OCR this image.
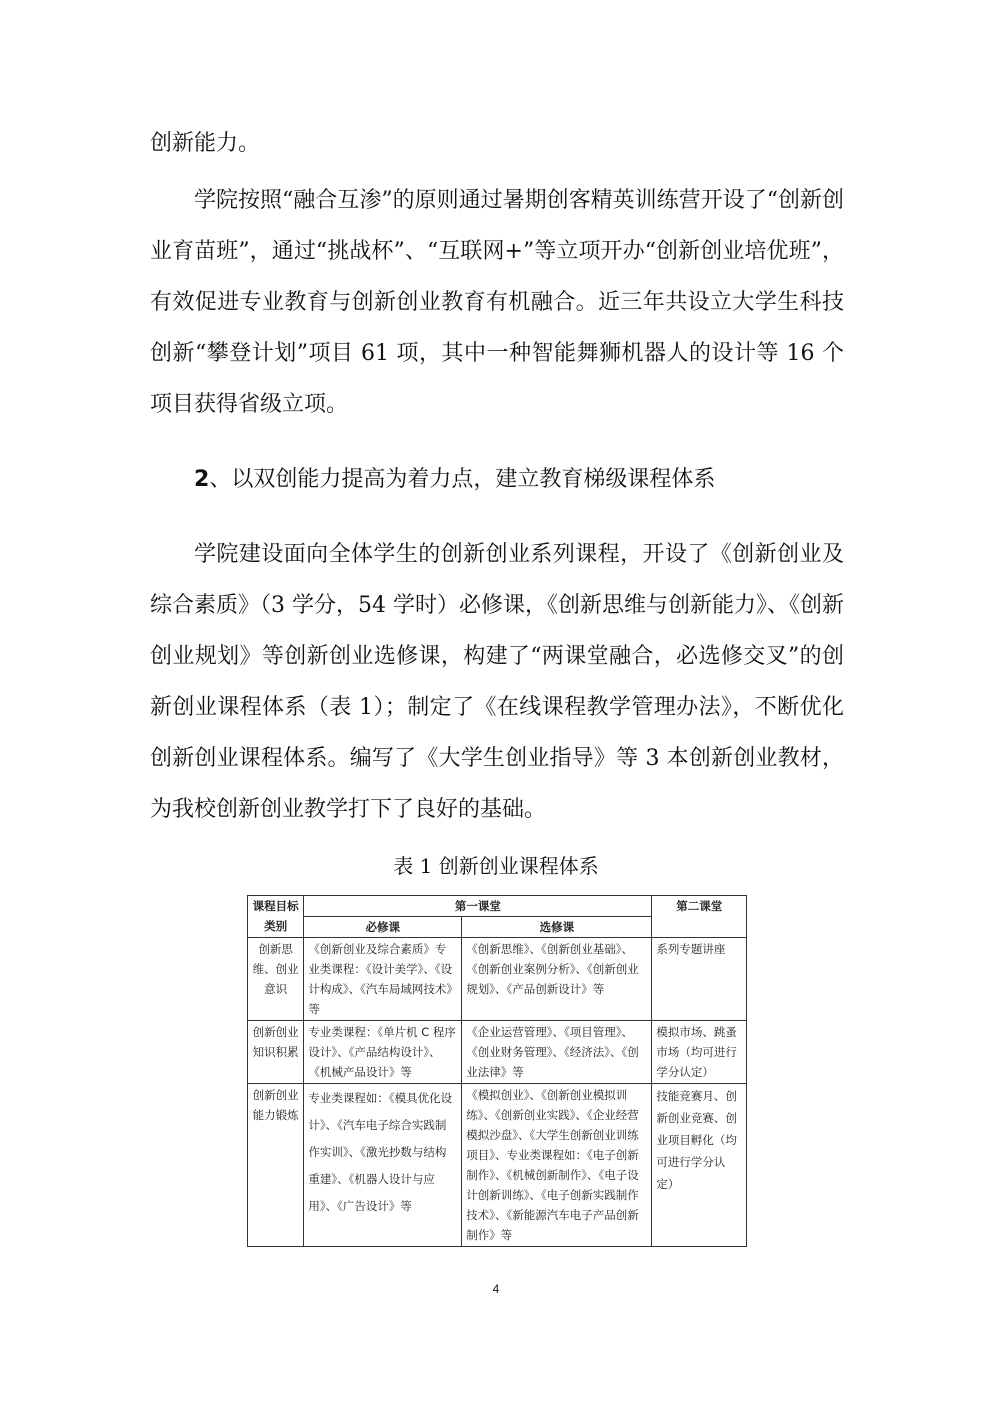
创新能力。

学院按照“融合互渗”的原则通过暑期创客精英训练营开设了“创新创业育苗班”，通过“挑战杯”、“互联网+”等立项开办“创新创业培优班”，有效促进专业教育与创新创业教育有机融合。近三年共设立大学生科技创新“攀登计划”项目 61 项，其中一种智能舞狮机器人的设计等 16 个项目获得省级立项。

2、以双创能力提高为着力点，建立教育梯级课程体系

学院建设面向全体学生的创新创业系列课程，开设了《创新创业及综合素质》（3 学分，54 学时）必修课，《创新思维与创新能力》、《创新创业规划》等创新创业选修课，构建了“两课堂融合，必选修交叉”的创新创业课程体系（表 1）；制定了《在线课程教学管理办法》，不断优化创新创业课程体系。编写了《大学生创业指导》等 3 本创新创业教材，为我校创新创业教学打下了良好的基础。

表 1 创新创业课程体系

课程目标类别	第一课堂		第二课堂
	必修课	选修课	
创新思维、创业意识	《创新创业及综合素质》专业类课程：《设计美学》、《设计构成》、《汽车局域网技术》等	《创新思维》、《创新创业基础》、《创新创业案例分析》、《创新创业规划》、《产品创新设计》等	系列专题讲座
创新创业知识积累	专业类课程：《单片机 C 程序设计》、《产品结构设计》、《机械产品设计》等	《企业运营管理》、《项目管理》、《创业财务管理》、《经济法》、《创业法律》等	模拟市场、跳蚤市场（均可进行学分认定）
创新创业能力锻炼	专业类课程如：《模具优化设计》、《汽车电子综合实践制作实训》、《激光抄数与结构重建》、《机器人设计与应用》、《广告设计》等	《模拟创业》、《创新创业模拟训练》、《创新创业实践》、《企业经营模拟沙盘》、《大学生创新创业训练项目》、专业类课程如：《电子创新制作》、《机械创新制作》、《电子设计创新训练》、《电子创新实践制作技术》、《新能源汽车电子产品创新制作》等	技能竞赛月、创新创业竞赛、创业项目孵化（均可进行学分认定）

4
